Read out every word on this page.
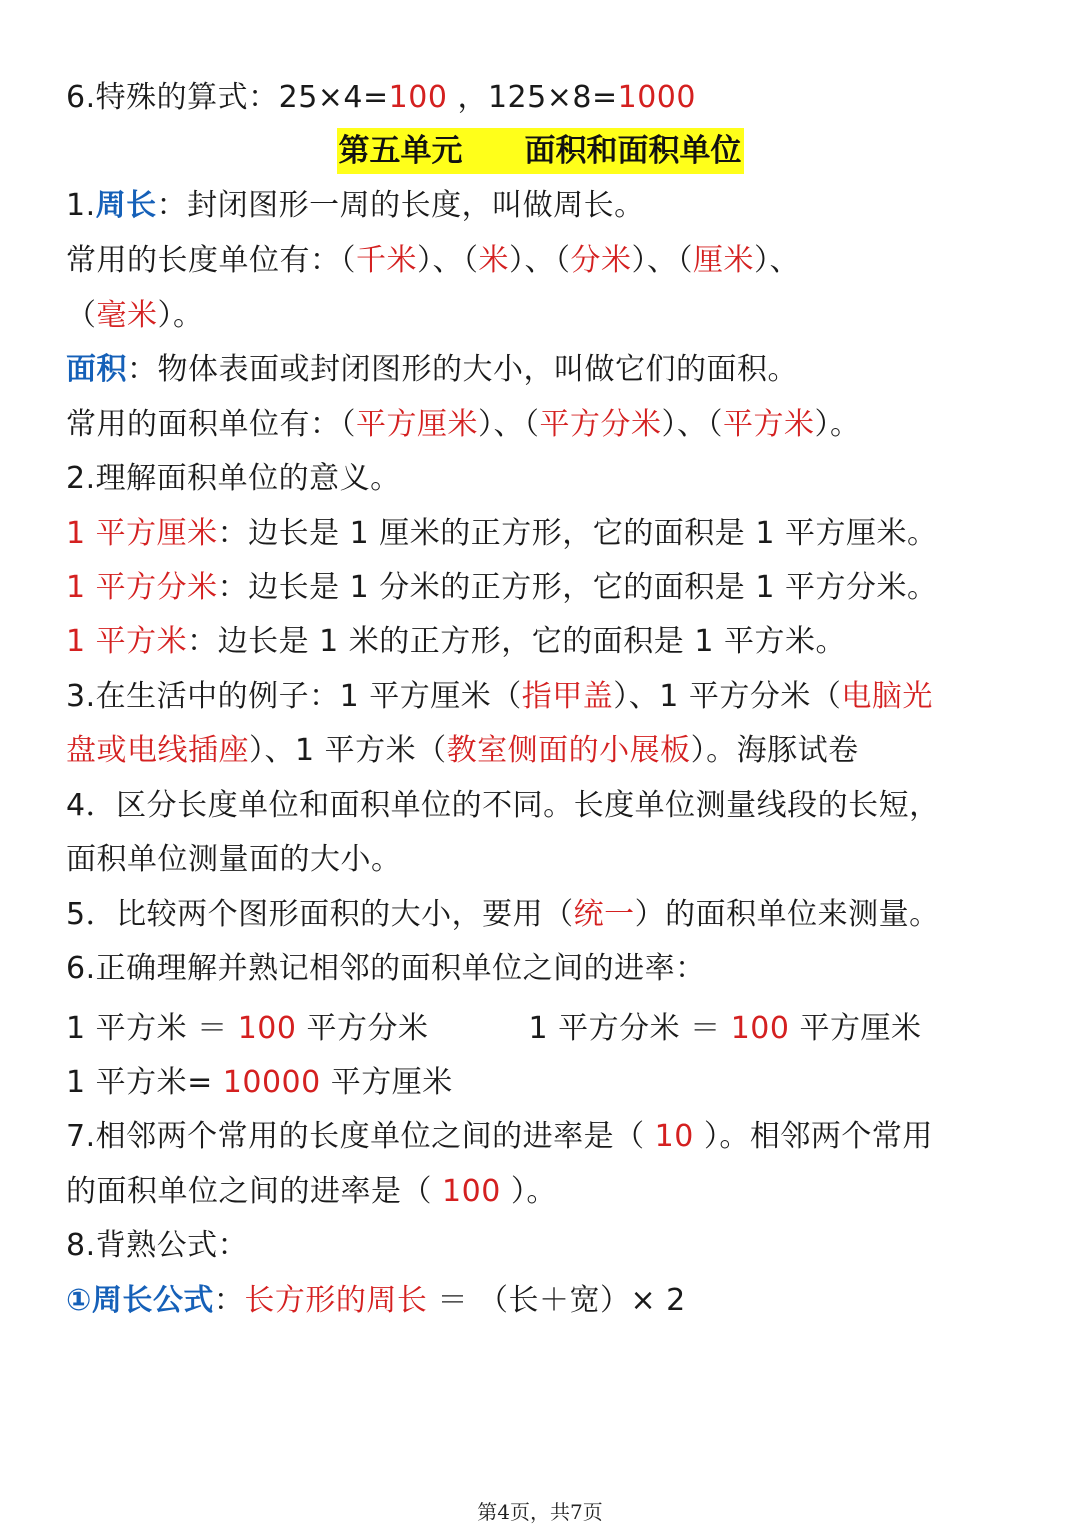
6.特殊的算式：25×4=100 ，125×8=1000
第五单元 面积和面积单位
1.周长：封闭图形一周的长度，叫做周长。
常用的长度单位有：（千米）、（米）、（分米）、（厘米）、
（毫米）。
面积：物体表面或封闭图形的大小，叫做它们的面积。
常用的面积单位有：（平方厘米）、（平方分米）、（平方米）。
2.理解面积单位的意义。
1 平方厘米：边长是 1 厘米的正方形，它的面积是 1 平方厘米。
1 平方分米：边长是 1 分米的正方形，它的面积是 1 平方分米。
1 平方米：边长是 1 米的正方形，它的面积是 1 平方米。
3.在生活中的例子：1 平方厘米（指甲盖）、1 平方分米（电脑光
盘或电线插座）、1 平方米（教室侧面的小展板）。海豚试卷
4．区分长度单位和面积单位的不同。长度单位测量线段的长短，
面积单位测量面的大小。
5．比较两个图形面积的大小，要用（统一）的面积单位来测量。
6.正确理解并熟记相邻的面积单位之间的进率：
1 平方米 ＝ 100 平方分米	1 平方分米 ＝ 100 平方厘米
1 平方米= 10000 平方厘米
7.相邻两个常用的长度单位之间的进率是（ 10 ）。相邻两个常用
的面积单位之间的进率是（ 100 ）。
8.背熟公式：
①周长公式：长方形的周长 ＝ （长＋宽）× 2
第4页，共7页
